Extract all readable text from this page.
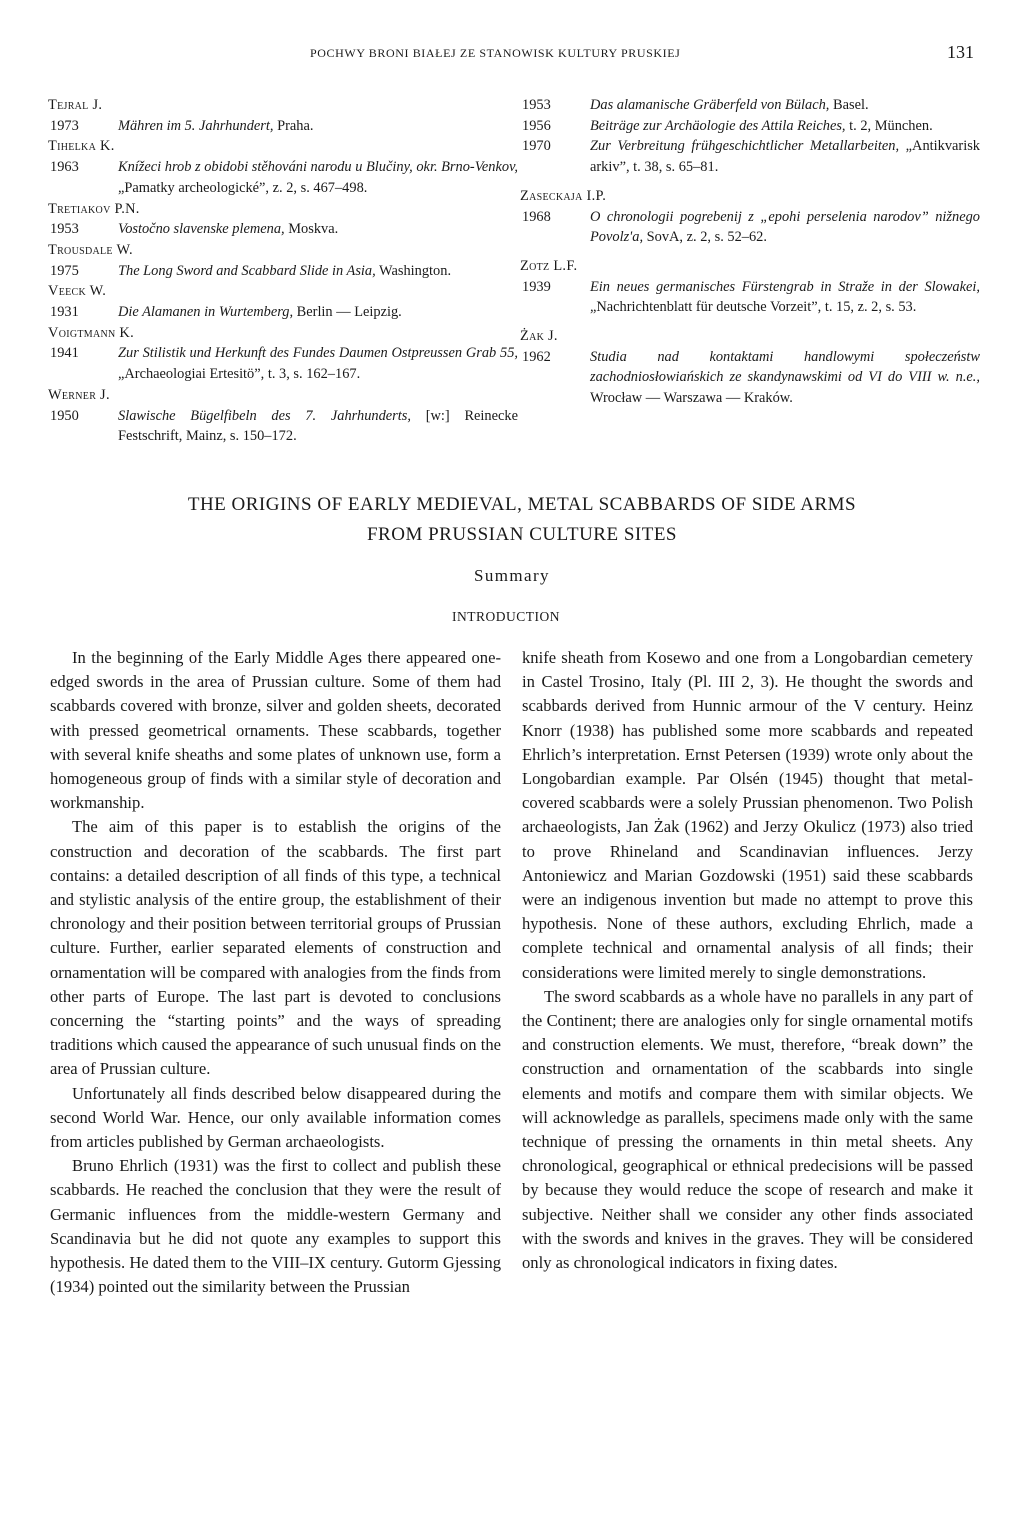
POCHWY BRONI BIAŁEJ ZE STANOWISK KULTURY PRUSKIEJ	131
Tejral J.
1973	Mähren im 5. Jahrhundert, Praha.
Tihelka K.
1963	Knížeci hrob z obidobi stěhováni narodu u Blučiny, okr. Brno-Venkov, „Pamatky archeologické”, z. 2, s. 467–498.
Tretiakov P.N.
1953	Vostočno slavenske plemena, Moskva.
Trousdale W.
1975	The Long Sword and Scabbard Slide in Asia, Washington.
Veeck W.
1931	Die Alamanen in Wurtemberg, Berlin — Leipzig.
Voigtmann K.
1941	Zur Stilistik und Herkunft des Fundes Daumen Ostpreussen Grab 55, „Archaeologiai Ertesitö”, t. 3, s. 162–167.
Werner J.
1950	Slawische Bügelfibeln des 7. Jahrhunderts, [w:] Reinecke Festschrift, Mainz, s. 150–172.
1953	Das alamanische Gräberfeld von Bülach, Basel.
1956	Beiträge zur Archäologie des Attila Reiches, t. 2, München.
1970	Zur Verbreitung frühgeschichtlicher Metallarbeiten, „Antikvarisk arkiv”, t. 38, s. 65–81.
Zaseckaja I.P.
1968	O chronologii pogrebenij z „epohi perselenia narodov” nižnego Povolz'a, SovA, z. 2, s. 52–62.
Zotz L.F.
1939	Ein neues germanisches Fürstengrab in Straže in der Slowakei, „Nachrichtenblatt für deutsche Vorzeit”, t. 15, z. 2, s. 53.
Żak J.
1962	Studia nad kontaktami handlowymi społeczeństw zachodniosłowiańskich ze skandynawskimi od VI do VIII w. n.e., Wrocław — Warszawa — Kraków.
THE ORIGINS OF EARLY MEDIEVAL, METAL SCABBARDS OF SIDE ARMS
FROM PRUSSIAN CULTURE SITES
Summary
INTRODUCTION

In the beginning of the Early Middle Ages there appeared one-edged swords in the area of Prussian culture. Some of them had scabbards covered with bronze, silver and golden sheets, decorated with pressed geometrical ornaments. These scabbards, together with several knife sheaths and some plates of unknown use, form a homogeneous group of finds with a similar style of decoration and workmanship.

The aim of this paper is to establish the origins of the construction and decoration of the scabbards. The first part contains: a detailed description of all finds of this type, a technical and stylistic analysis of the entire group, the establishment of their chronology and their position between territorial groups of Prussian culture. Further, earlier separated elements of construction and ornamentation will be compared with analogies from the finds from other parts of Europe. The last part is devoted to conclusions concerning the “starting points” and the ways of spreading traditions which caused the appearance of such unusual finds on the area of Prussian culture.

Unfortunately all finds described below disappeared during the second World War. Hence, our only available information comes from articles published by German archaeologists.

Bruno Ehrlich (1931) was the first to collect and publish these scabbards. He reached the conclusion that they were the result of Germanic influences from the middle-western Germany and Scandinavia but he did not quote any examples to support this hypothesis. He dated them to the VIII–IX century. Gutorm Gjessing (1934) pointed out the similarity between the Prussian

knife sheath from Kosewo and one from a Longobardian cemetery in Castel Trosino, Italy (Pl. III 2, 3). He thought the swords and scabbards derived from Hunnic armour of the V century. Heinz Knorr (1938) has published some more scabbards and repeated Ehrlich’s interpretation. Ernst Petersen (1939) wrote only about the Longobardian example. Par Olsén (1945) thought that metal-covered scabbards were a solely Prussian phenomenon. Two Polish archaeologists, Jan Żak (1962) and Jerzy Okulicz (1973) also tried to prove Rhineland and Scandinavian influences. Jerzy Antoniewicz and Marian Gozdowski (1951) said these scabbards were an indigenous invention but made no attempt to prove this hypothesis. None of these authors, excluding Ehrlich, made a complete technical and ornamental analysis of all finds; their considerations were limited merely to single demonstrations.

The sword scabbards as a whole have no parallels in any part of the Continent; there are analogies only for single ornamental motifs and construction elements. We must, therefore, “break down” the construction and ornamentation of the scabbards into single elements and motifs and compare them with similar objects. We will acknowledge as parallels, specimens made only with the same technique of pressing the ornaments in thin metal sheets. Any chronological, geographical or ethnical predecisions will be passed by because they would reduce the scope of research and make it subjective. Neither shall we consider any other finds associated with the swords and knives in the graves. They will be considered only as chronological indicators in fixing dates.
